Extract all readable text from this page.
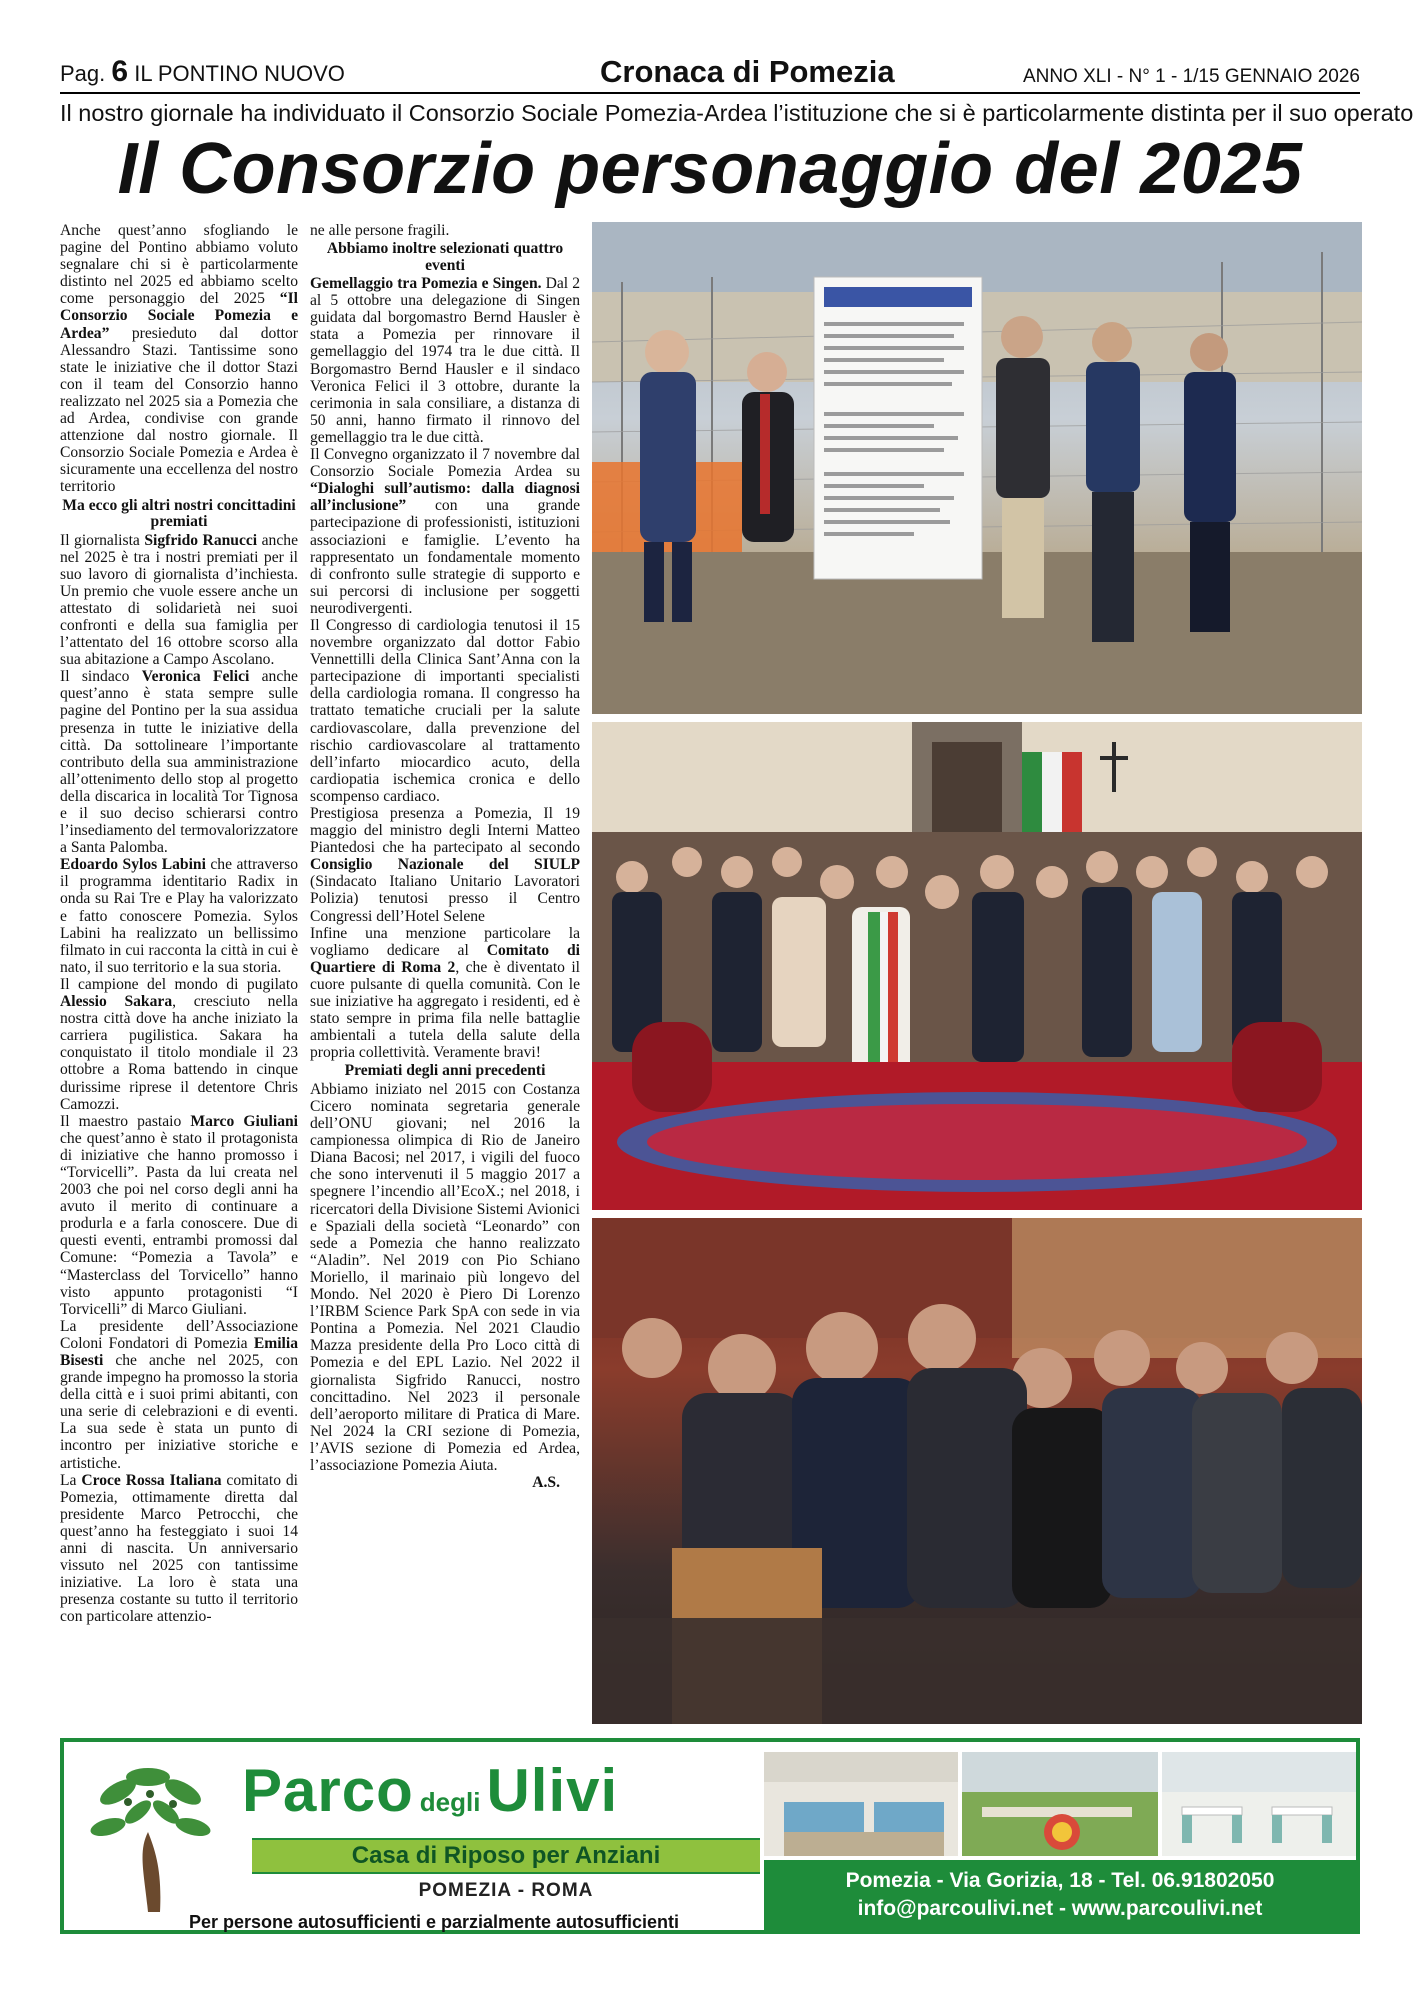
Pag. 6 IL PONTINO NUOVO	Cronaca di Pomezia	ANNO XLI - N° 1 - 1/15 GENNAIO 2026
Il nostro giornale ha individuato il Consorzio Sociale Pomezia-Ardea l’istituzione che si è particolarmente distinta per il suo operato
Il Consorzio personaggio del 2025

Anche quest’anno sfogliando le pagine del Pontino abbiamo voluto segnalare chi si è particolarmente distinto nel 2025 ed abbiamo scelto come personaggio del 2025 “Il Consorzio Sociale Pomezia e Ardea” presieduto dal dottor Alessandro Stazi. Tantissime sono state le iniziative che il dottor Stazi con il team del Consorzio hanno realizzato nel 2025 sia a Pomezia che ad Ardea, condivise con grande attenzione dal nostro giornale. Il Consorzio Sociale Pomezia e Ardea è sicuramente una eccellenza del nostro territorio

Ma ecco gli altri nostri concittadini premiati

Il giornalista Sigfrido Ranucci anche nel 2025 è tra i nostri premiati per il suo lavoro di giornalista d’inchiesta. Un premio che vuole essere anche un attestato di solidarietà nei suoi confronti e della sua famiglia per l’attentato del 16 ottobre scorso alla sua abitazione a Campo Ascolano.

Il sindaco Veronica Felici anche quest’anno è stata sempre sulle pagine del Pontino per la sua assidua presenza in tutte le iniziative della città. Da sottolineare l’importante contributo della sua amministrazione all’ottenimento dello stop al progetto della discarica in località Tor Tignosa e il suo deciso schierarsi contro l’insediamento del termovalorizzatore a Santa Palomba.

Edoardo Sylos Labini che attraverso il programma identitario Radix in onda su Rai Tre e Play ha valorizzato e fatto conoscere Pomezia. Sylos Labini ha realizzato un bellissimo filmato in cui racconta la città in cui è nato, il suo territorio e la sua storia.

Il campione del mondo di pugilato Alessio Sakara, cresciuto nella nostra città dove ha anche iniziato la carriera pugilistica. Sakara ha conquistato il titolo mondiale il 23 ottobre a Roma battendo in cinque durissime riprese il detentore Chris Camozzi.

Il maestro pastaio Marco Giuliani che quest’anno è stato il protagonista di iniziative che hanno promosso i “Torvicelli”. Pasta da lui creata nel 2003 che poi nel corso degli anni ha avuto il merito di continuare a produrla e a farla conoscere. Due di questi eventi, entrambi promossi dal Comune: “Pomezia a Tavola” e “Masterclass del Torvicello” hanno visto appunto protagonisti “I Torvicelli” di Marco Giuliani.

La presidente dell’Associazione Coloni Fondatori di Pomezia Emilia Bisesti che anche nel 2025, con grande impegno ha promosso la storia della città e i suoi primi abitanti, con una serie di celebrazioni e di eventi. La sua sede è stata un punto di incontro per iniziative storiche e artistiche.

La Croce Rossa Italiana comitato di Pomezia, ottimamente diretta dal presidente Marco Petrocchi, che quest’anno ha festeggiato i suoi 14 anni di nascita. Un anniversario vissuto nel 2025 con tantissime iniziative. La loro è stata una presenza costante su tutto il territorio con particolare attenzio-

ne alle persone fragili.

Abbiamo inoltre selezionati quattro eventi

Gemellaggio tra Pomezia e Singen. Dal 2 al 5 ottobre una delegazione di Singen guidata dal borgomastro Bernd Hausler è stata a Pomezia per rinnovare il gemellaggio del 1974 tra le due città. Il Borgomastro Bernd Hausler e il sindaco Veronica Felici il 3 ottobre, durante la cerimonia in sala consiliare, a distanza di 50 anni, hanno firmato il rinnovo del gemellaggio tra le due città.

Il Convegno organizzato il 7 novembre dal Consorzio Sociale Pomezia Ardea su “Dialoghi sull’autismo: dalla diagnosi all’inclusione” con una grande partecipazione di professionisti, istituzioni associazioni e famiglie. L’evento ha rappresentato un fondamentale momento di confronto sulle strategie di supporto e sui percorsi di inclusione per soggetti neurodivergenti.

Il Congresso di cardiologia tenutosi il 15 novembre organizzato dal dottor Fabio Vennettilli della Clinica Sant’Anna con la partecipazione di importanti specialisti della cardiologia romana. Il congresso ha trattato tematiche cruciali per la salute cardiovascolare, dalla prevenzione del rischio cardiovascolare al trattamento dell’infarto miocardico acuto, della cardiopatia ischemica cronica e dello scompenso cardiaco.

Prestigiosa presenza a Pomezia, Il 19 maggio del ministro degli Interni Matteo Piantedosi che ha partecipato al secondo Consiglio Nazionale del SIULP (Sindacato Italiano Unitario Lavoratori Polizia) tenutosi presso il Centro Congressi dell’Hotel Selene

Infine una menzione particolare la vogliamo dedicare al Comitato di Quartiere di Roma 2, che è diventato il cuore pulsante di quella comunità. Con le sue iniziative ha aggregato i residenti, ed è stato sempre in prima fila nelle battaglie ambientali a tutela della salute della propria collettività. Veramente bravi!

Premiati degli anni precedenti

Abbiamo iniziato nel 2015 con Costanza Cicero nominata segretaria generale dell’ONU giovani; nel 2016 la campionessa olimpica di Rio de Janeiro Diana Bacosi; nel 2017, i vigili del fuoco che sono intervenuti il 5 maggio 2017 a spegnere l’incendio all’EcoX.; nel 2018, i ricercatori della Divisione Sistemi Avionici e Spaziali della società “Leonardo” con sede a Pomezia che hanno realizzato “Aladin”. Nel 2019 con Pio Schiano Moriello, il marinaio più longevo del Mondo. Nel 2020 è Piero Di Lorenzo l’IRBM Science Park SpA con sede in via Pontina a Pomezia. Nel 2021 Claudio Mazza presidente della Pro Loco città di Pomezia e del EPL Lazio. Nel 2022 il giornalista Sigfrido Ranucci, nostro concittadino. Nel 2023 il personale dell’aeroporto militare di Pratica di Mare. Nel 2024 la CRI sezione di Pomezia, l’AVIS sezione di Pomezia ed Ardea, l’associazione Pomezia Aiuta.

A.S.

Parco degli Ulivi
Casa di Riposo per Anziani
POMEZIA - ROMA
Per persone autosufficienti e parzialmente autosufficienti
Pomezia - Via Gorizia, 18 - Tel. 06.91802050
info@parcoulivi.net - www.parcoulivi.net
